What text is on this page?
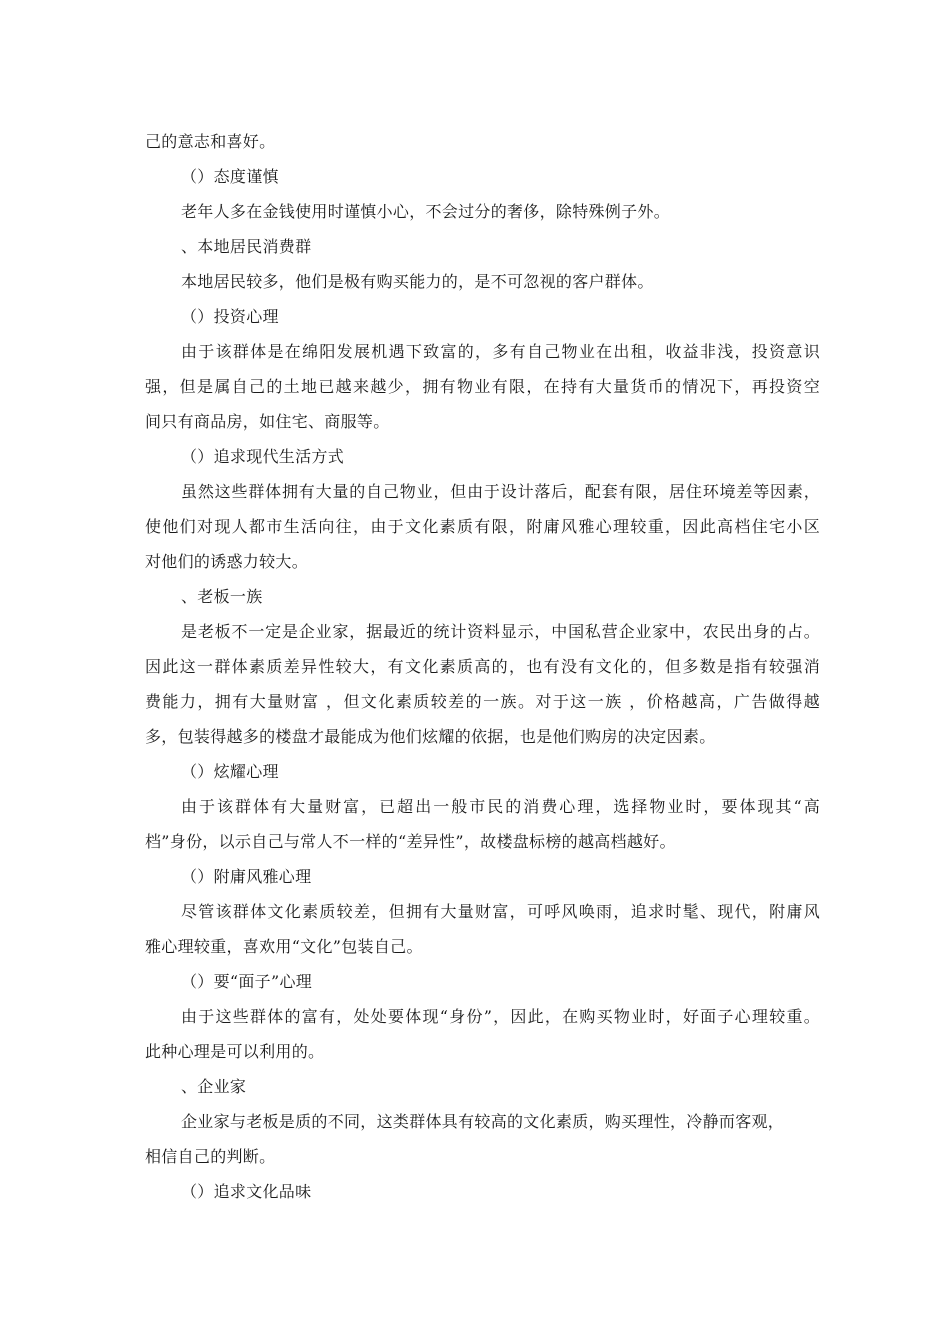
己的意志和喜好。
（）态度谨慎
老年人多在金钱使用时谨慎小心，不会过分的奢侈，除特殊例子外。
、本地居民消费群
本地居民较多，他们是极有购买能力的，是不可忽视的客户群体。
（）投资心理
由于该群体是在绵阳发展机遇下致富的，多有自己物业在出租，收益非浅，投资意识
强，但是属自己的土地已越来越少，拥有物业有限，在持有大量货币的情况下，再投资空
间只有商品房，如住宅、商服等。
（）追求现代生活方式
虽然这些群体拥有大量的自己物业，但由于设计落后，配套有限，居住环境差等因素，
使他们对现人都市生活向往，由于文化素质有限，附庸风雅心理较重，因此高档住宅小区
对他们的诱惑力较大。
、老板一族
是老板不一定是企业家，据最近的统计资料显示，中国私营企业家中，农民出身的占。
因此这一群体素质差异性较大，有文化素质高的，也有没有文化的，但多数是指有较强消
费能力，拥有大量财富 ，但文化素质较差的一族。对于这一族 ，价格越高，广告做得越
多，包装得越多的楼盘才最能成为他们炫耀的依据，也是他们购房的决定因素。
（）炫耀心理
由于该群体有大量财富，已超出一般市民的消费心理，选择物业时，要体现其“高
档”身份，以示自己与常人不一样的“差异性”，故楼盘标榜的越高档越好。
（）附庸风雅心理
尽管该群体文化素质较差，但拥有大量财富，可呼风唤雨，追求时髦、现代，附庸风
雅心理较重，喜欢用“文化”包装自己。
（）要“面子”心理
由于这些群体的富有，处处要体现“身份”，因此，在购买物业时，好面子心理较重。
此种心理是可以利用的。
、企业家
企业家与老板是质的不同，这类群体具有较高的文化素质，购买理性，冷静而客观，
相信自己的判断。
（）追求文化品味
